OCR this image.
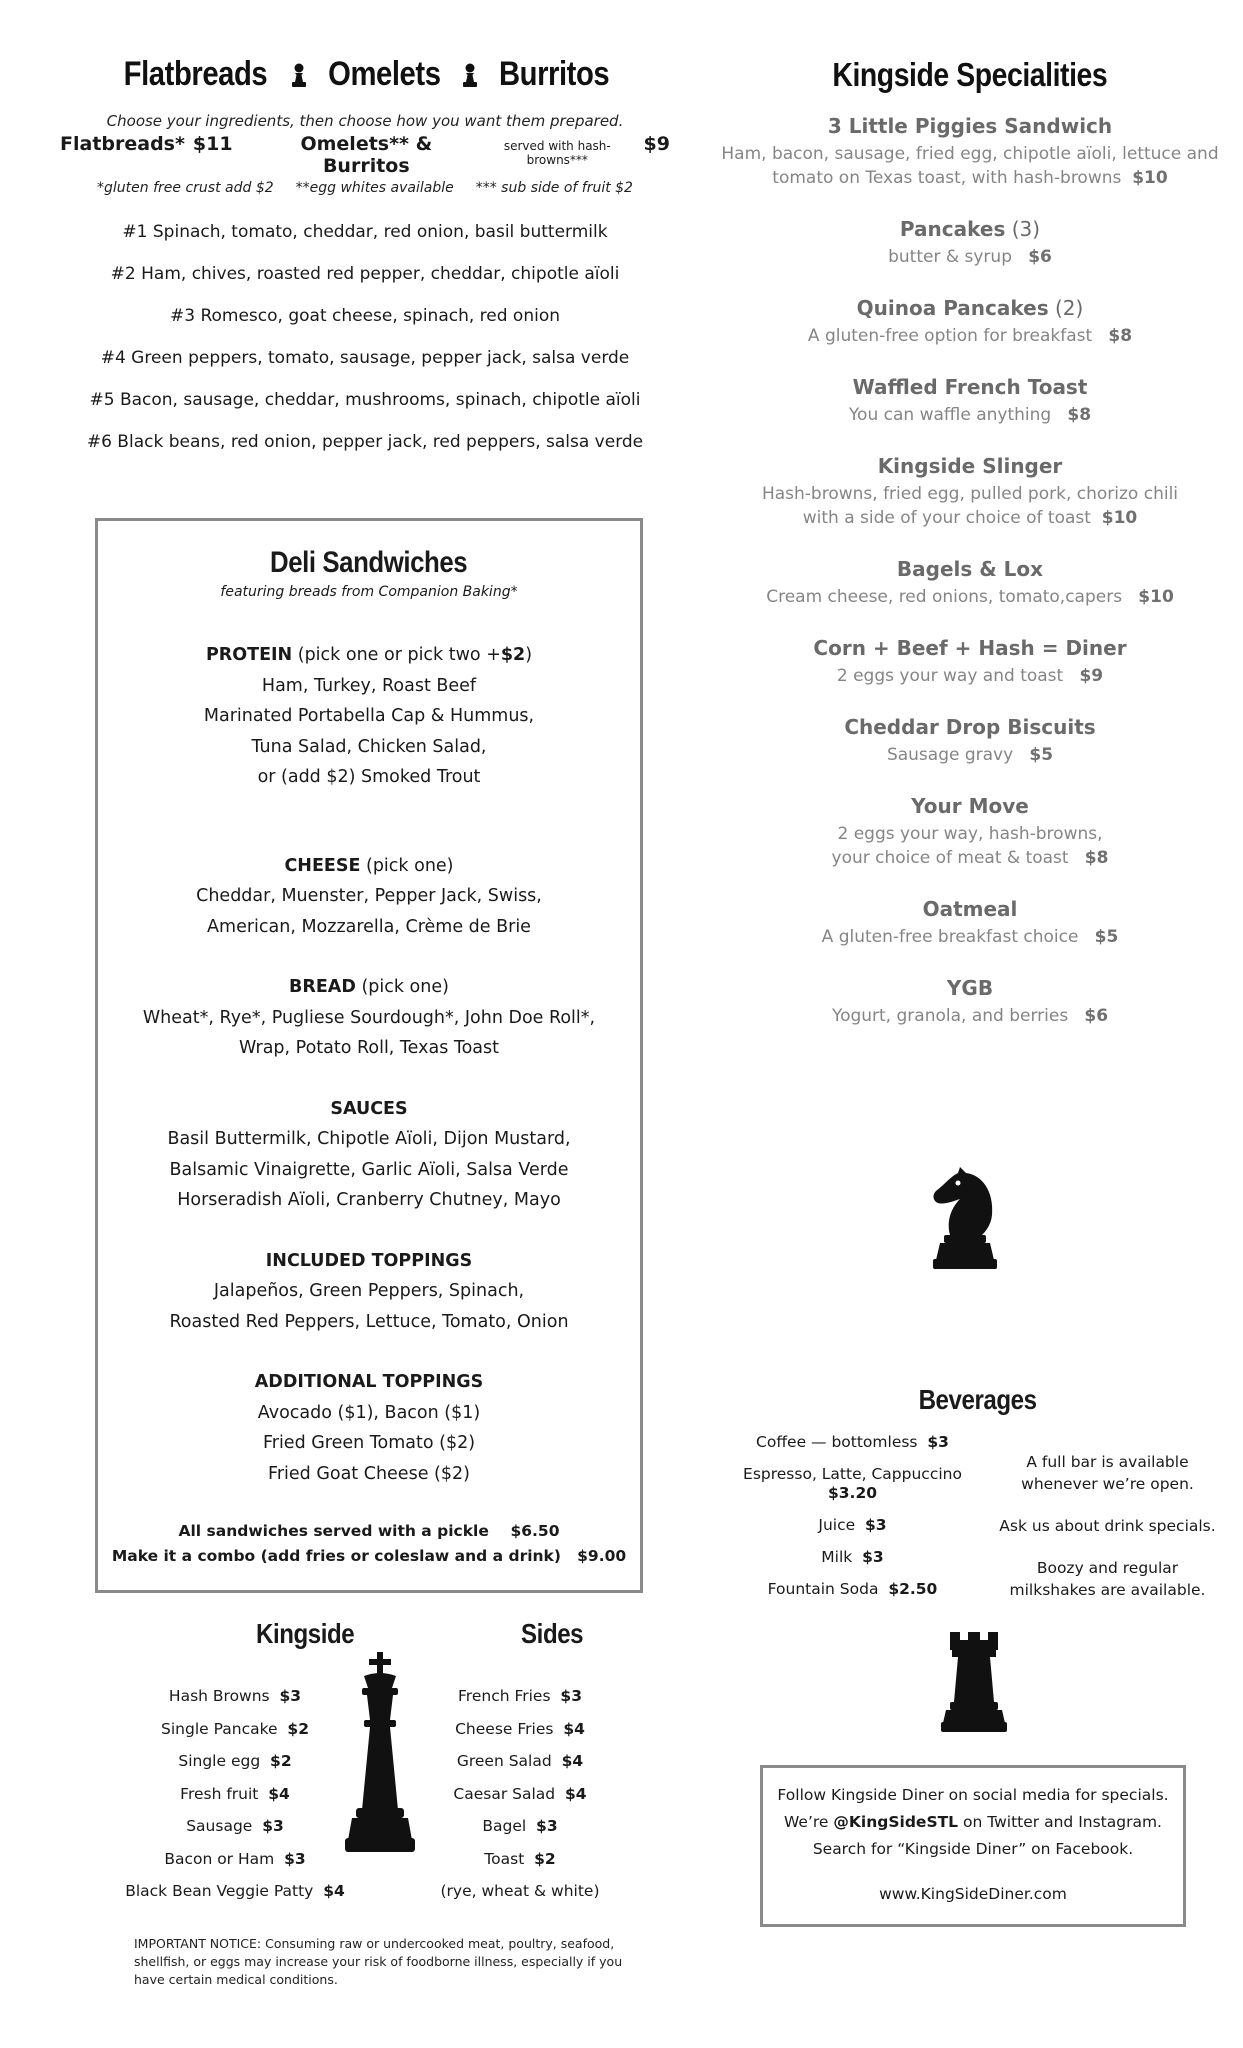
Flatbreads Omelets Burritos
Choose your ingredients, then choose how you want them prepared.
Flatbreads* $11	Omelets** & Burritos
served with hash-browns***
$9
*gluten free crust add $2 **egg whites available *** sub side of fruit $2
#1 Spinach, tomato, cheddar, red onion, basil buttermilk
#2 Ham, chives, roasted red pepper, cheddar, chipotle aïoli
#3 Romesco, goat cheese, spinach, red onion
#4 Green peppers, tomato, sausage, pepper jack, salsa verde
#5 Bacon, sausage, cheddar, mushrooms, spinach, chipotle aïoli
#6 Black beans, red onion, pepper jack, red peppers, salsa verde
Deli Sandwiches
featuring breads from Companion Baking*
PROTEIN (pick one or pick two +$2)
Ham, Turkey, Roast Beef
Marinated Portabella Cap & Hummus,
Tuna Salad, Chicken Salad,
or (add $2) Smoked Trout
CHEESE (pick one)
Cheddar, Muenster, Pepper Jack, Swiss,
American, Mozzarella, Crème de Brie
BREAD (pick one)
Wheat*, Rye*, Pugliese Sourdough*, John Doe Roll*,
Wrap, Potato Roll, Texas Toast
SAUCES
Basil Buttermilk, Chipotle Aïoli, Dijon Mustard,
Balsamic Vinaigrette, Garlic Aïoli, Salsa Verde
Horseradish Aïoli, Cranberry Chutney, Mayo
INCLUDED TOPPINGS
Jalapeños, Green Peppers, Spinach,
Roasted Red Peppers, Lettuce, Tomato, Onion
ADDITIONAL TOPPINGS
Avocado ($1), Bacon ($1)
Fried Green Tomato ($2)
Fried Goat Cheese ($2)
All sandwiches served with a pickle    $6.50
Make it a combo (add fries or coleslaw and a drink)   $9.00
Kingside	Sides
Hash Browns $3
Single Pancake $2
Single egg $2
Fresh fruit $4
Sausage $3
Bacon or Ham $3
Black Bean Veggie Patty $4
French Fries $3
Cheese Fries $4
Green Salad $4
Caesar Salad $4
Bagel $3
Toast $2
(rye, wheat & white)
IMPORTANT NOTICE: Consuming raw or undercooked meat, poultry, seafood, shellfish, or eggs may increase your risk of foodborne illness, especially if you have certain medical conditions.
Kingside Specialities
3 Little Piggies Sandwich
Ham, bacon, sausage, fried egg, chipotle aïoli, lettuce and tomato on Texas toast, with hash-browns $10
Pancakes (3)
butter & syrup $6
Quinoa Pancakes (2)
A gluten-free option for breakfast $8
Waffled French Toast
You can waffle anything $8
Kingside Slinger
Hash-browns, fried egg, pulled pork, chorizo chili with a side of your choice of toast $10
Bagels & Lox
Cream cheese, red onions, tomato,capers $10
Corn + Beef + Hash = Diner
2 eggs your way and toast $9
Cheddar Drop Biscuits
Sausage gravy $5
Your Move
2 eggs your way, hash-browns, your choice of meat & toast $8
Oatmeal
A gluten-free breakfast choice $5
YGB
Yogurt, granola, and berries $6
Beverages
Coffee — bottomless $3
Espresso, Latte, Cappuccino
$3.20
Juice $3
Milk $3
Fountain Soda $2.50
A full bar is available whenever we’re open.
Ask us about drink specials.
Boozy and regular milkshakes are available.
Follow Kingside Diner on social media for specials.
We’re @KingSideSTL on Twitter and Instagram.
Search for “Kingside Diner” on Facebook.
www.KingSideDiner.com
